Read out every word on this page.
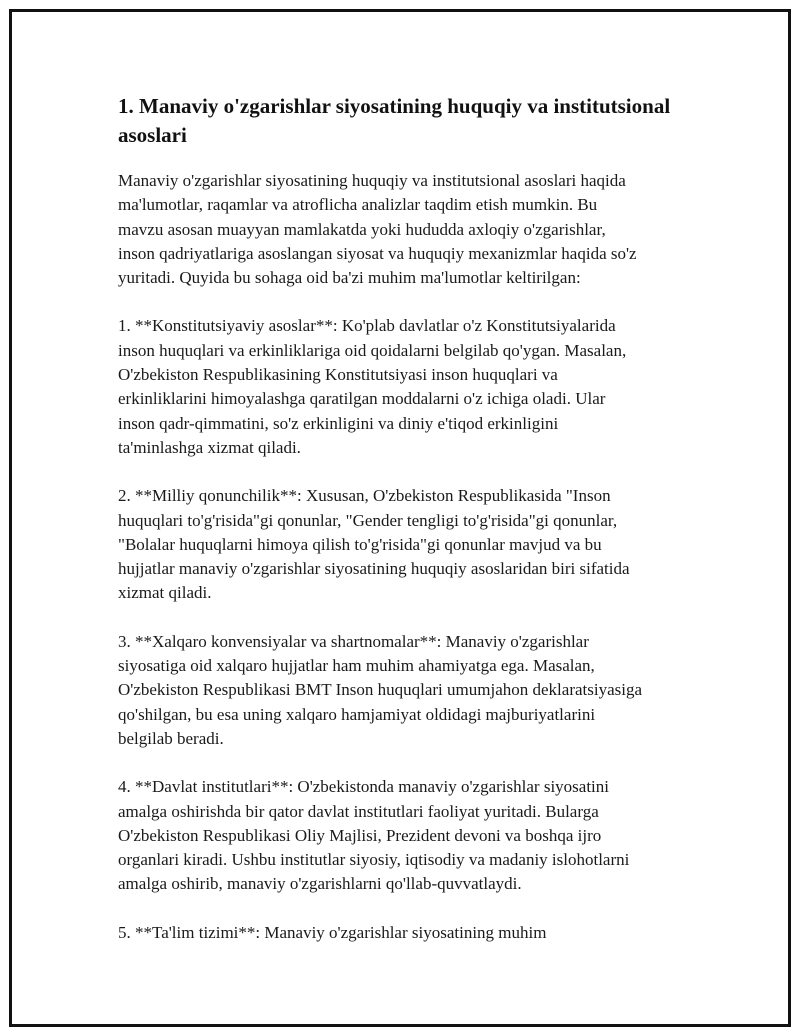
1. Manaviy o'zgarishlar siyosatining huquqiy va institutsional asoslari

Manaviy o'zgarishlar siyosatining huquqiy va institutsional asoslari haqida
ma'lumotlar, raqamlar va atroflicha analizlar taqdim etish mumkin. Bu
mavzu asosan muayyan mamlakatda yoki hududda axloqiy o'zgarishlar,
inson qadriyatlariga asoslangan siyosat va huquqiy mexanizmlar haqida so'z
yuritadi. Quyida bu sohaga oid ba'zi muhim ma'lumotlar keltirilgan:

1. **Konstitutsiyaviy asoslar**: Ko'plab davlatlar o'z Konstitutsiyalarida
inson huquqlari va erkinliklariga oid qoidalarni belgilab qo'ygan. Masalan,
O'zbekiston Respublikasining Konstitutsiyasi inson huquqlari va
erkinliklarini himoyalashga qaratilgan moddalarni o'z ichiga oladi. Ular
inson qadr-qimmatini, so'z erkinligini va diniy e'tiqod erkinligini
ta'minlashga xizmat qiladi.

2. **Milliy qonunchilik**: Xususan, O'zbekiston Respublikasida "Inson
huquqlari to'g'risida"gi qonunlar, "Gender tengligi to'g'risida"gi qonunlar,
"Bolalar huquqlarni himoya qilish to'g'risida"gi qonunlar mavjud va bu
hujjatlar manaviy o'zgarishlar siyosatining huquqiy asoslaridan biri sifatida
xizmat qiladi.

3. **Xalqaro konvensiyalar va shartnomalar**: Manaviy o'zgarishlar
siyosatiga oid xalqaro hujjatlar ham muhim ahamiyatga ega. Masalan,
O'zbekiston Respublikasi BMT Inson huquqlari umumjahon deklaratsiyasiga
qo'shilgan, bu esa uning xalqaro hamjamiyat oldidagi majburiyatlarini
belgilab beradi.

4. **Davlat institutlari**: O'zbekistonda manaviy o'zgarishlar siyosatini
amalga oshirishda bir qator davlat institutlari faoliyat yuritadi. Bularga
O'zbekiston Respublikasi Oliy Majlisi, Prezident devoni va boshqa ijro
organlari kiradi. Ushbu institutlar siyosiy, iqtisodiy va madaniy islohotlarni
amalga oshirib, manaviy o'zgarishlarni qo'llab-quvvatlaydi.

5. **Ta'lim tizimi**: Manaviy o'zgarishlar siyosatining muhim
